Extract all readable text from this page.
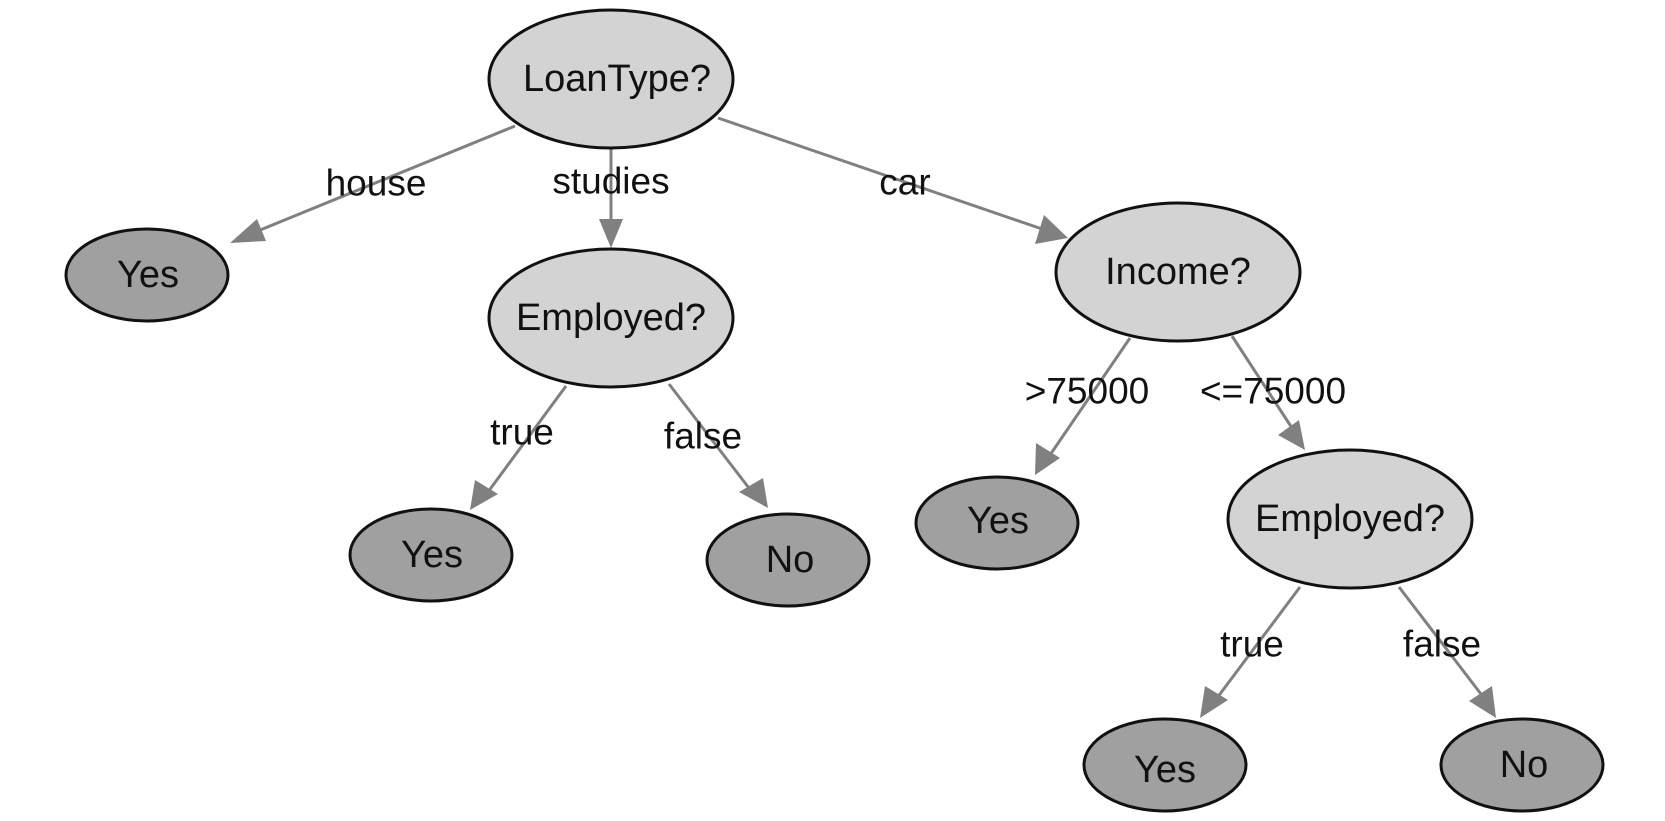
house	studies	car
true	false
>75000 <=75000
true	false
LoanType?
Yes
Employed?
Income?
Yes	No
Yes	Employed?
Yes	No
